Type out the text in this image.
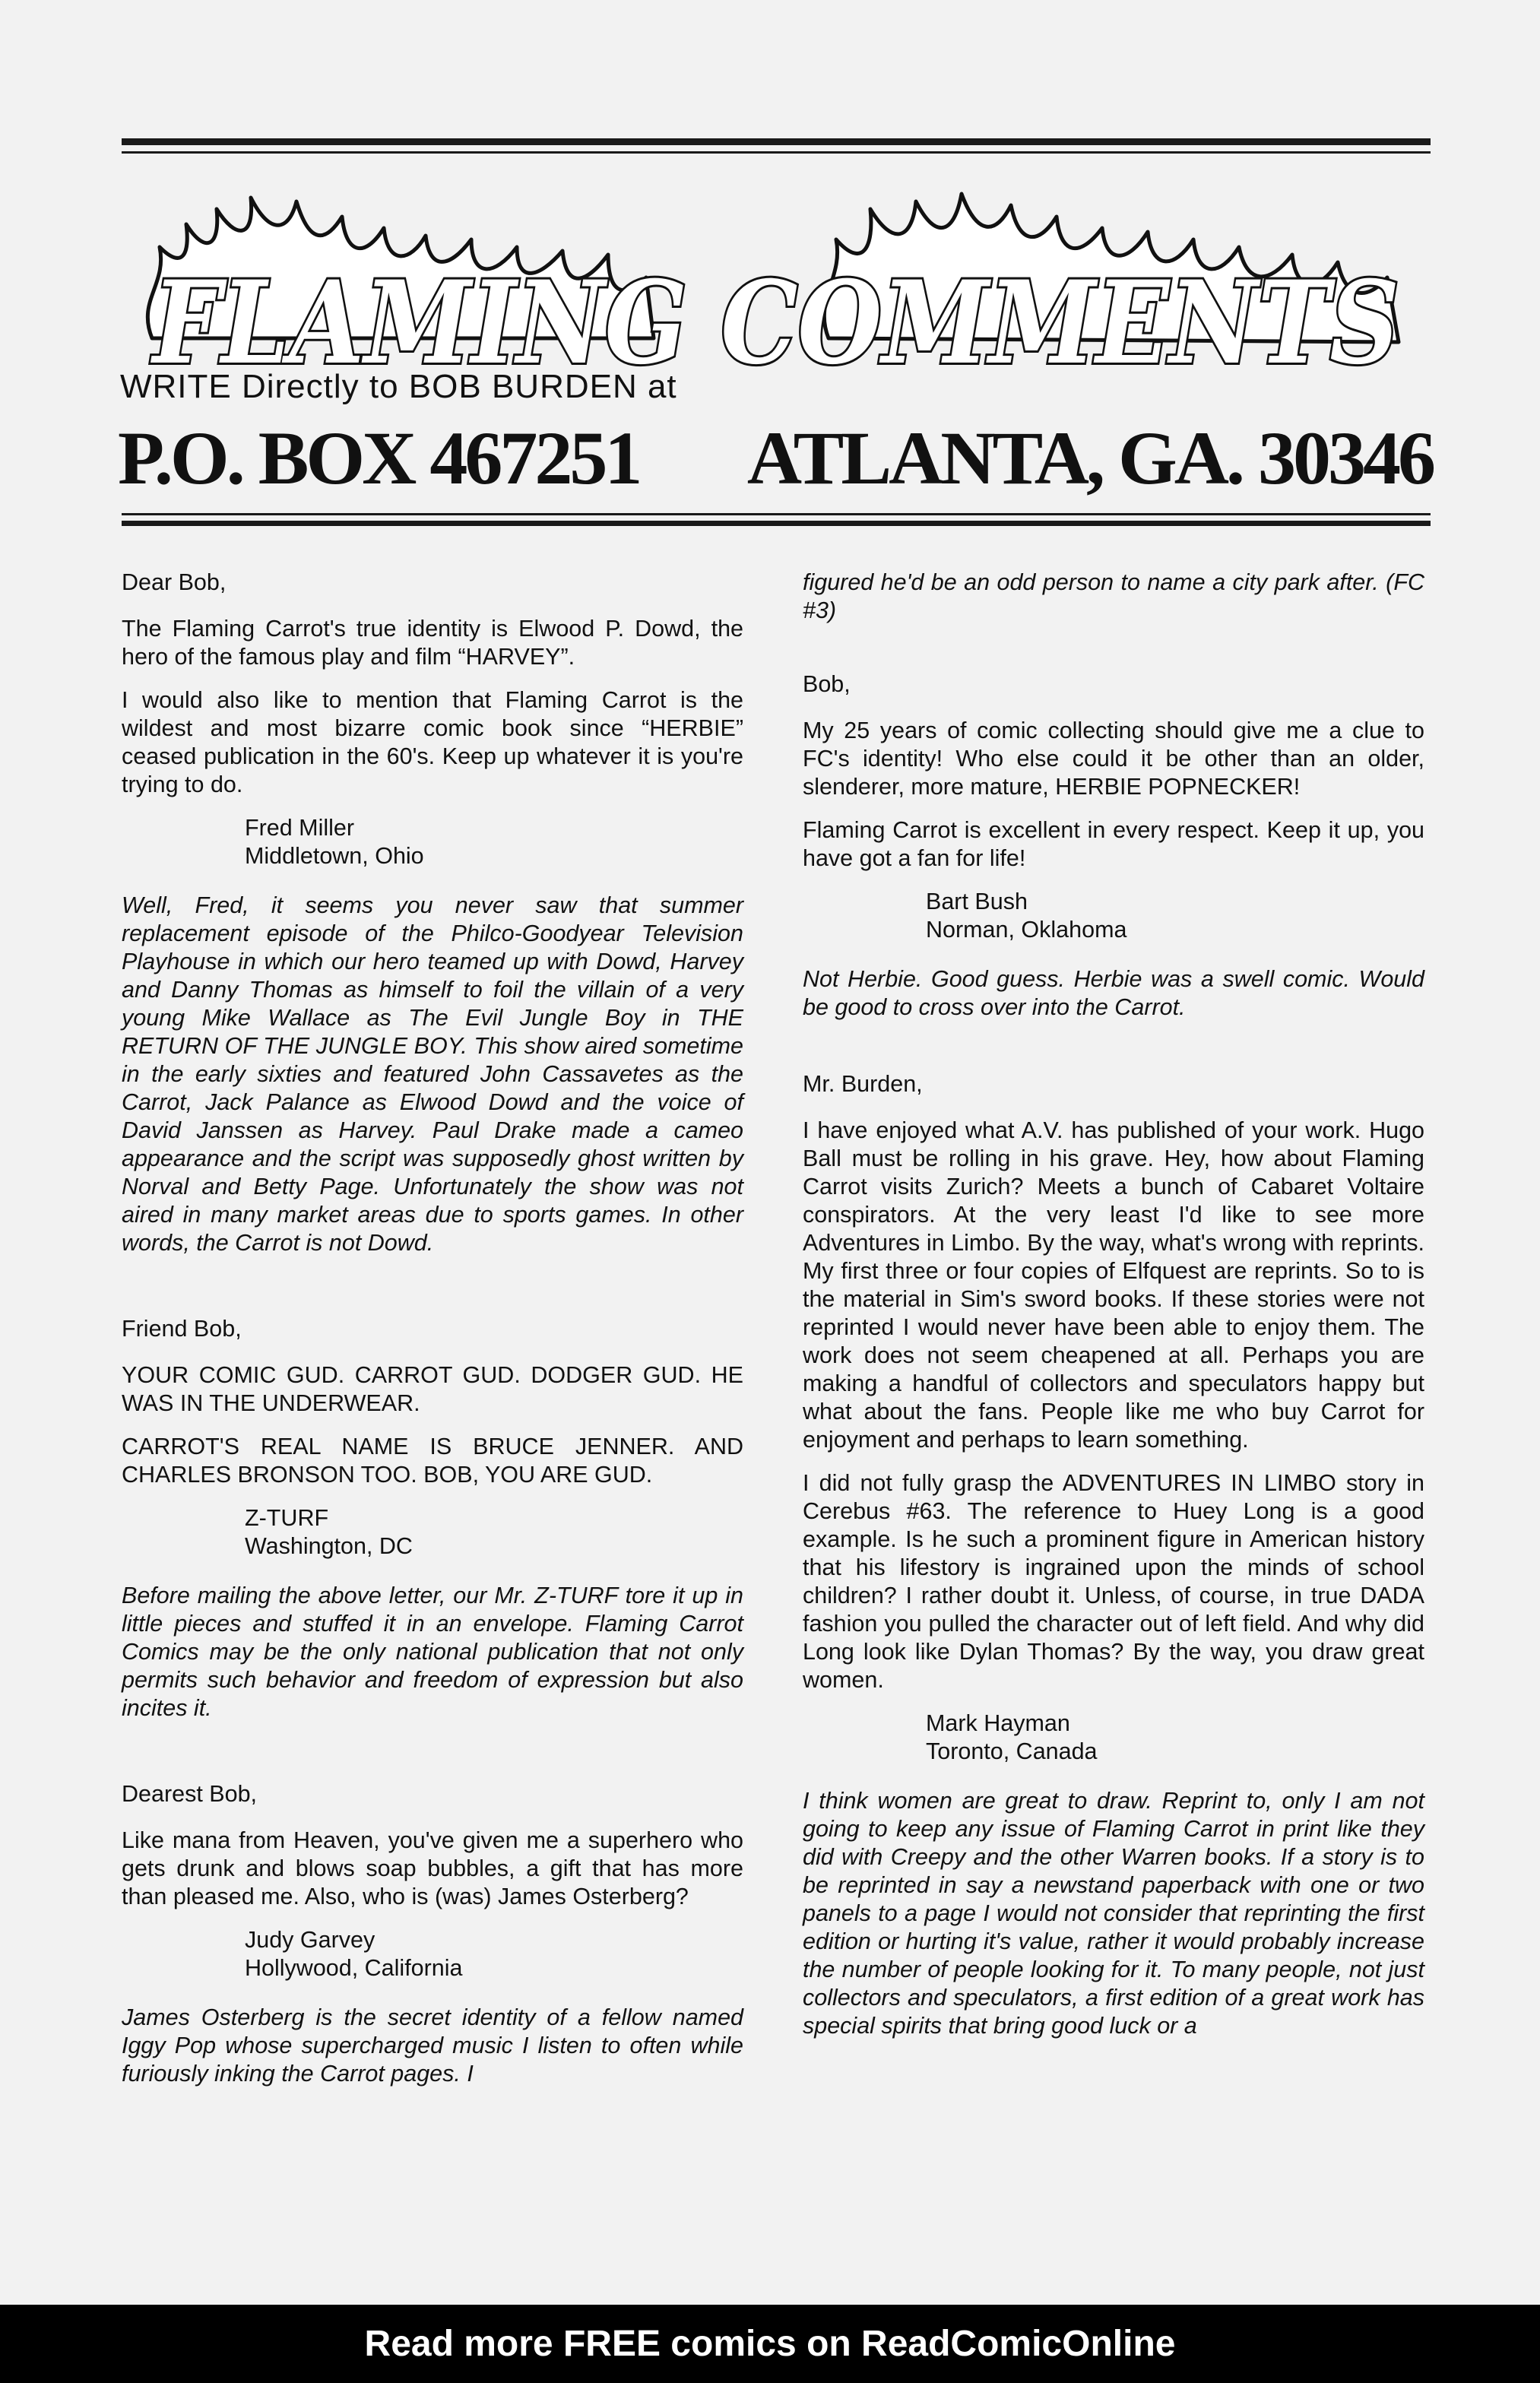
FLAMING COMMENTS
WRITE Directly to BOB BURDEN at
P.O. BOX 467251 ATLANTA, GA. 30346

Dear Bob,

The Flaming Carrot's true identity is Elwood P. Dowd, the hero of the famous play and film “HARVEY”.

I would also like to mention that Flaming Carrot is the wildest and most bizarre comic book since “HERBIE” ceased publication in the 60's. Keep up whatever it is you're trying to do.

Fred Miller
Middletown, Ohio

Well, Fred, it seems you never saw that summer replacement episode of the Philco-Goodyear Television Playhouse in which our hero teamed up with Dowd, Harvey and Danny Thomas as himself to foil the villain of a very young Mike Wallace as The Evil Jungle Boy in THE RETURN OF THE JUNGLE BOY. This show aired sometime in the early sixties and featured John Cassavetes as the Carrot, Jack Palance as Elwood Dowd and the voice of David Janssen as Harvey. Paul Drake made a cameo appearance and the script was supposedly ghost written by Norval and Betty Page. Unfortunately the show was not aired in many market areas due to sports games. In other words, the Carrot is not Dowd.

Friend Bob,

YOUR COMIC GUD. CARROT GUD. DODGER GUD. HE WAS IN THE UNDERWEAR.

CARROT'S REAL NAME IS BRUCE JENNER. AND CHARLES BRONSON TOO. BOB, YOU ARE GUD.

Z-TURF
Washington, DC

Before mailing the above letter, our Mr. Z-TURF tore it up in little pieces and stuffed it in an envelope. Flaming Carrot Comics may be the only national publication that not only permits such behavior and freedom of expression but also incites it.

Dearest Bob,

Like mana from Heaven, you've given me a superhero who gets drunk and blows soap bubbles, a gift that has more than pleased me. Also, who is (was) James Osterberg?

Judy Garvey
Hollywood, California

James Osterberg is the secret identity of a fellow named Iggy Pop whose supercharged music I listen to often while furiously inking the Carrot pages. I

figured he'd be an odd person to name a city park after. (FC #3)

Bob,

My 25 years of comic collecting should give me a clue to FC's identity! Who else could it be other than an older, slenderer, more mature, HERBIE POPNECKER!

Flaming Carrot is excellent in every respect. Keep it up, you have got a fan for life!

Bart Bush
Norman, Oklahoma

Not Herbie. Good guess. Herbie was a swell comic. Would be good to cross over into the Carrot.

Mr. Burden,

I have enjoyed what A.V. has published of your work. Hugo Ball must be rolling in his grave. Hey, how about Flaming Carrot visits Zurich? Meets a bunch of Cabaret Voltaire conspirators. At the very least I'd like to see more Adventures in Limbo. By the way, what's wrong with reprints. My first three or four copies of Elfquest are reprints. So to is the material in Sim's sword books. If these stories were not reprinted I would never have been able to enjoy them. The work does not seem cheapened at all. Perhaps you are making a handful of collectors and speculators happy but what about the fans. People like me who buy Carrot for enjoyment and perhaps to learn something.

I did not fully grasp the ADVENTURES IN LIMBO story in Cerebus #63. The reference to Huey Long is a good example. Is he such a prominent figure in American history that his lifestory is ingrained upon the minds of school children? I rather doubt it. Unless, of course, in true DADA fashion you pulled the character out of left field. And why did Long look like Dylan Thomas? By the way, you draw great women.

Mark Hayman
Toronto, Canada

I think women are great to draw. Reprint to, only I am not going to keep any issue of Flaming Carrot in print like they did with Creepy and the other Warren books. If a story is to be reprinted in say a newstand paperback with one or two panels to a page I would not consider that reprinting the first edition or hurting it's value, rather it would probably increase the number of people looking for it. To many people, not just collectors and speculators, a first edition of a great work has special spirits that bring good luck or a

Read more FREE comics on ReadComicOnline
